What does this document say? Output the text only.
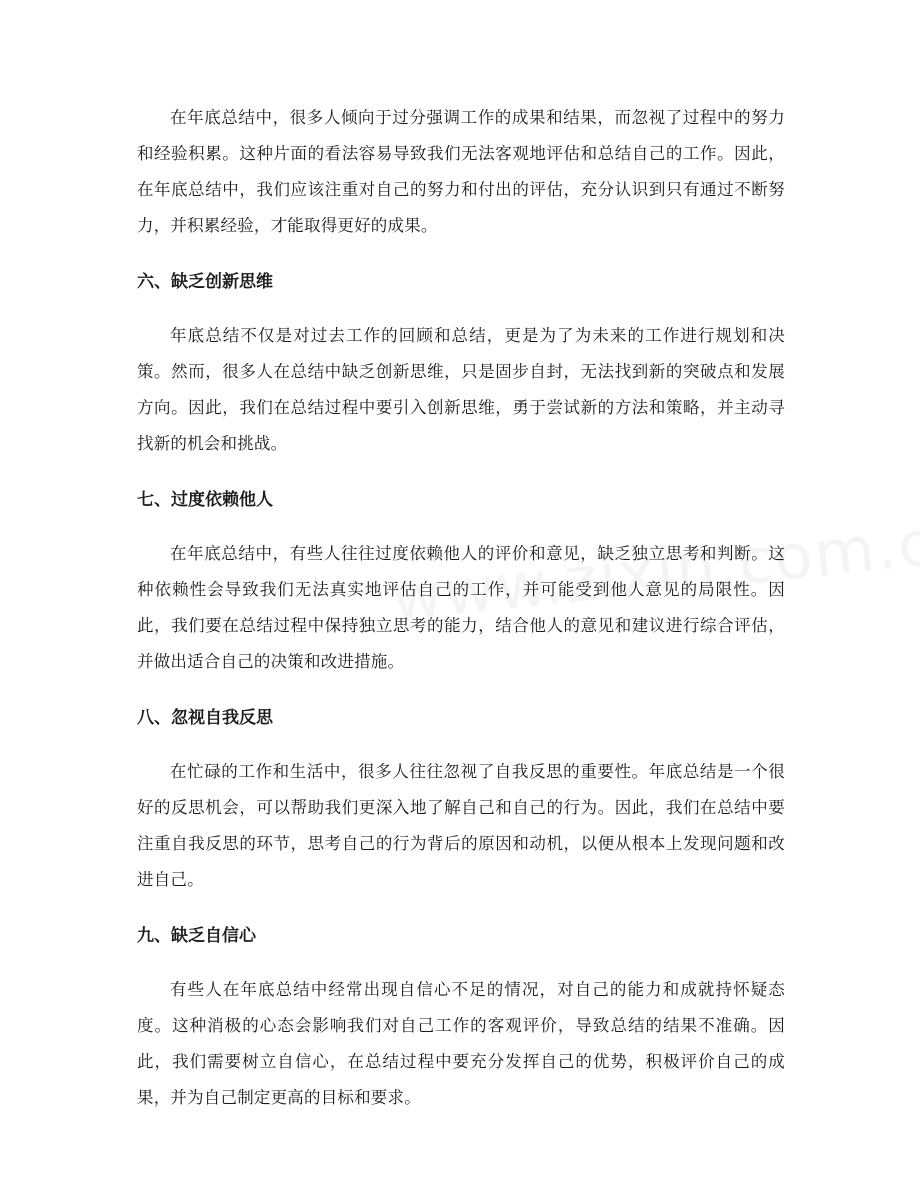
在年底总结中，很多人倾向于过分强调工作的成果和结果，而忽视了过程中的努力和经验积累。这种片面的看法容易导致我们无法客观地评估和总结自己的工作。因此，在年底总结中，我们应该注重对自己的努力和付出的评估，充分认识到只有通过不断努力，并积累经验，才能取得更好的成果。

六、缺乏创新思维

年底总结不仅是对过去工作的回顾和总结，更是为了为未来的工作进行规划和决策。然而，很多人在总结中缺乏创新思维，只是固步自封，无法找到新的突破点和发展方向。因此，我们在总结过程中要引入创新思维，勇于尝试新的方法和策略，并主动寻找新的机会和挑战。

七、过度依赖他人

在年底总结中，有些人往往过度依赖他人的评价和意见，缺乏独立思考和判断。这种依赖性会导致我们无法真实地评估自己的工作，并可能受到他人意见的局限性。因此，我们要在总结过程中保持独立思考的能力，结合他人的意见和建议进行综合评估，并做出适合自己的决策和改进措施。

八、忽视自我反思

在忙碌的工作和生活中，很多人往往忽视了自我反思的重要性。年底总结是一个很好的反思机会，可以帮助我们更深入地了解自己和自己的行为。因此，我们在总结中要注重自我反思的环节，思考自己的行为背后的原因和动机，以便从根本上发现问题和改进自己。

九、缺乏自信心

有些人在年底总结中经常出现自信心不足的情况，对自己的能力和成就持怀疑态度。这种消极的心态会影响我们对自己工作的客观评价，导致总结的结果不准确。因此，我们需要树立自信心，在总结过程中要充分发挥自己的优势，积极评价自己的成果，并为自己制定更高的目标和要求。
